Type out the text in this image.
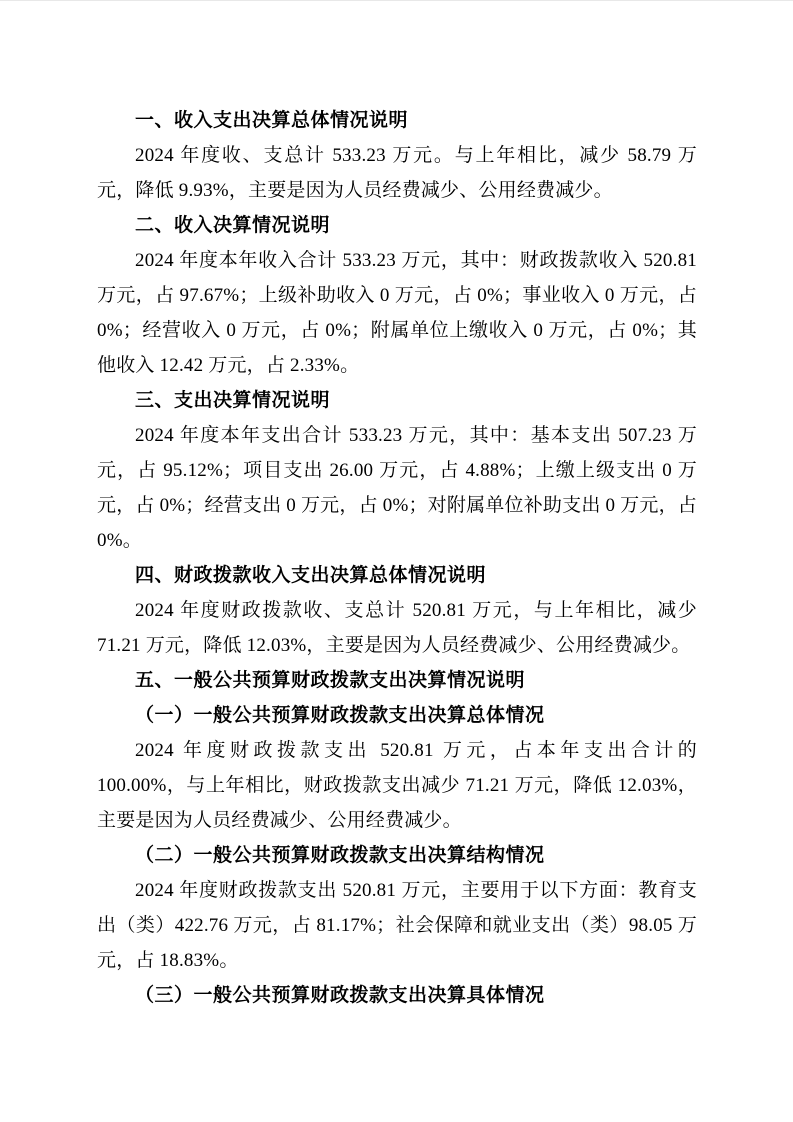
一、收入支出决算总体情况说明

2024 年度收、支总计 533.23 万元。与上年相比，减少 58.79 万元，降低 9.93%，主要是因为人员经费减少、公用经费减少。

二、收入决算情况说明

2024 年度本年收入合计 533.23 万元，其中：财政拨款收入 520.81 万元，占 97.67%；上级补助收入 0 万元，占 0%；事业收入 0 万元，占 0%；经营收入 0 万元，占 0%；附属单位上缴收入 0 万元，占 0%；其他收入 12.42 万元，占 2.33%。

三、支出决算情况说明

2024 年度本年支出合计 533.23 万元，其中：基本支出 507.23 万元，占 95.12%；项目支出 26.00 万元，占 4.88%；上缴上级支出 0 万元，占 0%；经营支出 0 万元，占 0%；对附属单位补助支出 0 万元，占 0%。

四、财政拨款收入支出决算总体情况说明

2024 年度财政拨款收、支总计 520.81 万元，与上年相比，减少 71.21 万元，降低 12.03%，主要是因为人员经费减少、公用经费减少。

五、一般公共预算财政拨款支出决算情况说明
（一）一般公共预算财政拨款支出决算总体情况

2024 年度财政拨款支出 520.81 万元，占本年支出合计的 100.00%，与上年相比，财政拨款支出减少 71.21 万元，降低 12.03%，主要是因为人员经费减少、公用经费减少。

（二）一般公共预算财政拨款支出决算结构情况

2024 年度财政拨款支出 520.81 万元，主要用于以下方面：教育支出（类）422.76 万元，占 81.17%；社会保障和就业支出（类）98.05 万元，占 18.83%。

（三）一般公共预算财政拨款支出决算具体情况
